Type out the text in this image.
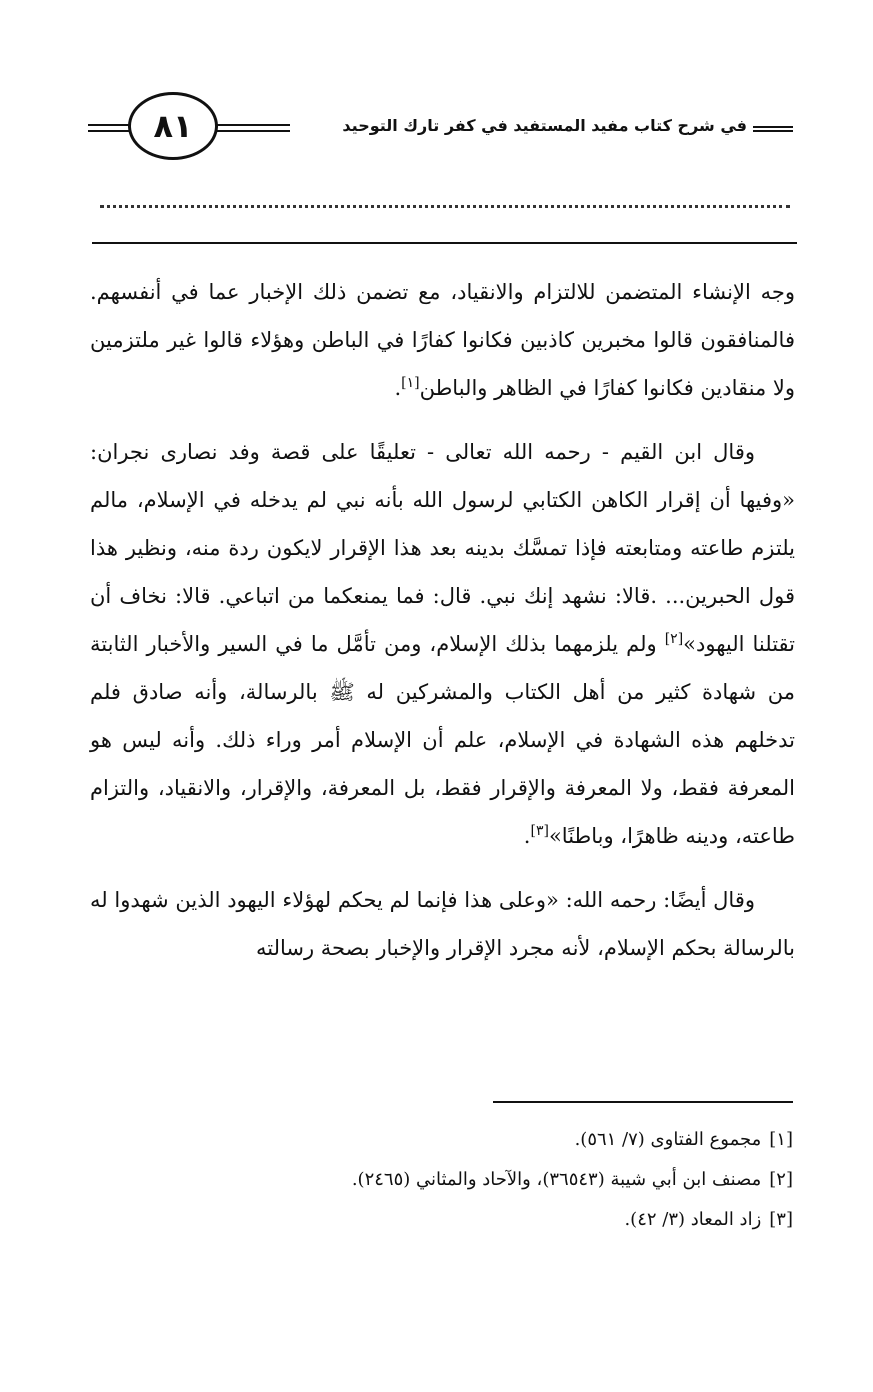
في شرح كتاب مفيد المستفيد في كفر تارك التوحيد
٨١

وجه الإنشاء المتضمن للالتزام والانقياد، مع تضمن ذلك الإخبار عما في أنفسهم. فالمنافقون قالوا مخبرين كاذبين فكانوا كفارًا في الباطن وهؤلاء قالوا غير ملتزمين ولا منقادين فكانوا كفارًا في الظاهر والباطن[١].

وقال ابن القيم - رحمه الله تعالى - تعليقًا على قصة وفد نصارى نجران: «وفيها أن إقرار الكاهن الكتابي لرسول الله بأنه نبي لم يدخله في الإسلام، مالم يلتزم طاعته ومتابعته فإذا تمسَّك بدينه بعد هذا الإقرار لايكون ردة منه، ونظير هذا قول الحبرين... .قالا: نشهد إنك نبي. قال: فما يمنعكما من اتباعي. قالا: نخاف أن تقتلنا اليهود»[٢] ولم يلزمهما بذلك الإسلام، ومن تأمَّل ما في السير والأخبار الثابتة من شهادة كثير من أهل الكتاب والمشركين له ﷺ بالرسالة، وأنه صادق فلم تدخلهم هذه الشهادة في الإسلام، علم أن الإسلام أمر وراء ذلك. وأنه ليس هو المعرفة فقط، ولا المعرفة والإقرار فقط، بل المعرفة، والإقرار، والانقياد، والتزام طاعته، ودينه ظاهرًا، وباطنًا»[٣].

وقال أيضًا: رحمه الله: «وعلى هذا فإنما لم يحكم لهؤلاء اليهود الذين شهدوا له بالرسالة بحكم الإسلام، لأنه مجرد الإقرار والإخبار بصحة رسالته

[١]مجموع الفتاوى (٧/ ٥٦١).

[٢]مصنف ابن أبي شيبة (٣٦٥٤٣)، والآحاد والمثاني (٢٤٦٥).

[٣]زاد المعاد (٣/ ٤٢).
